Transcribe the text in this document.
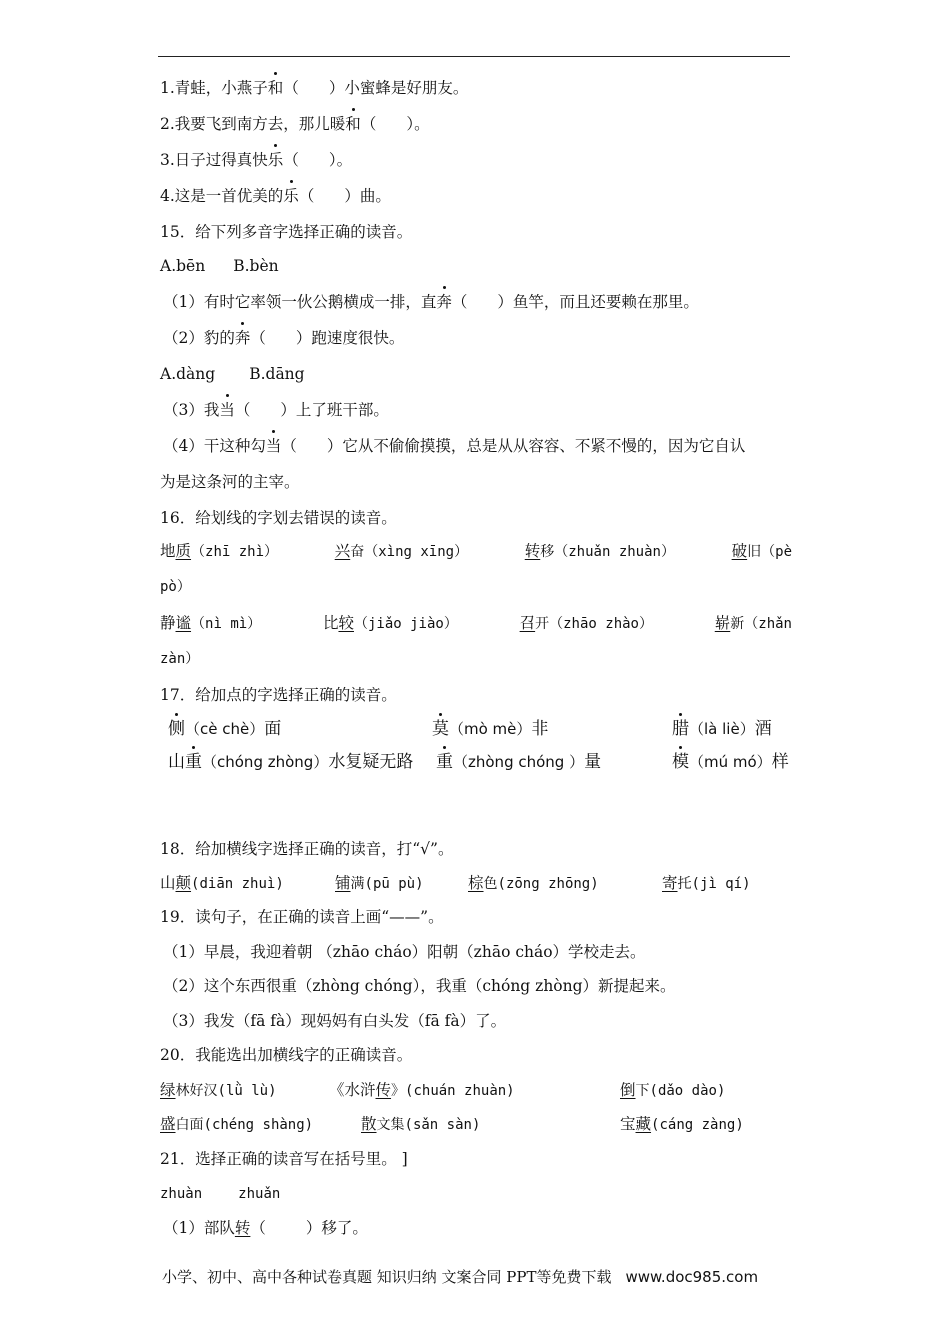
1.青蛙，小燕子和（ ）小蜜蜂是好朋友。
2.我要飞到南方去，那儿暖和（ ）。
3.日子过得真快乐（ ）。
4.这是一首优美的乐（ ）曲。
15．给下列多音字选择正确的读音。
A.bēn B.bèn
（1）有时它率领一伙公鹅横成一排，直奔（ ）鱼竿，而且还要赖在那里。
（2）豹的奔（ ）跑速度很快。
A.dàng B.dāng
（3）我当（ ）上了班干部。
（4）干这种勾当（ ）它从不偷偷摸摸，总是从从容容、不紧不慢的，因为它自认
为是这条河的主宰。
16．给划线的字划去错误的读音。
地质（zhī zhì）	兴奋（xìng xīng）	转移（zhuǎn zhuàn）	破旧（pè
pò）
静谧（nì mì）	比较（jiǎo jiào）	召开（zhāo zhào）	崭新（zhǎn
zàn）
17．给加点的字选择正确的读音。
侧（cè chè）面	莫（mò mè）非	腊（là liè）酒
山重（chóng zhòng）水复疑无路 重（zhòng chóng ）量	模（mú mó）样
18．给加横线字选择正确的读音，打“√”。
山颠(diān zhuì)	铺满(pū pù)	棕色(zōng zhōng)	寄托(jì qí)
19．读句子，在正确的读音上画“——”。
（1）早晨，我迎着朝 （zhāo cháo）阳朝（zhāo cháo）学校走去。
（2）这个东西很重（zhòng chóng），我重（chóng zhòng）新提起来。
（3）我发（fā fà）现妈妈有白头发（fā fà）了。
20．我能选出加横线字的正确读音。
绿林好汉(lǜ lù)	《水浒传》(chuán zhuàn)	倒下(dǎo dào)
盛白面(chéng shàng)	散文集(sǎn sàn)	宝藏(cáng zàng)
21．选择正确的读音写在括号里。 ]
zhuàn	zhuǎn
（1）部队转（	）移了。
小学、初中、高中各种试卷真题 知识归纳 文案合同 PPT等免费下载 www.doc985.com
